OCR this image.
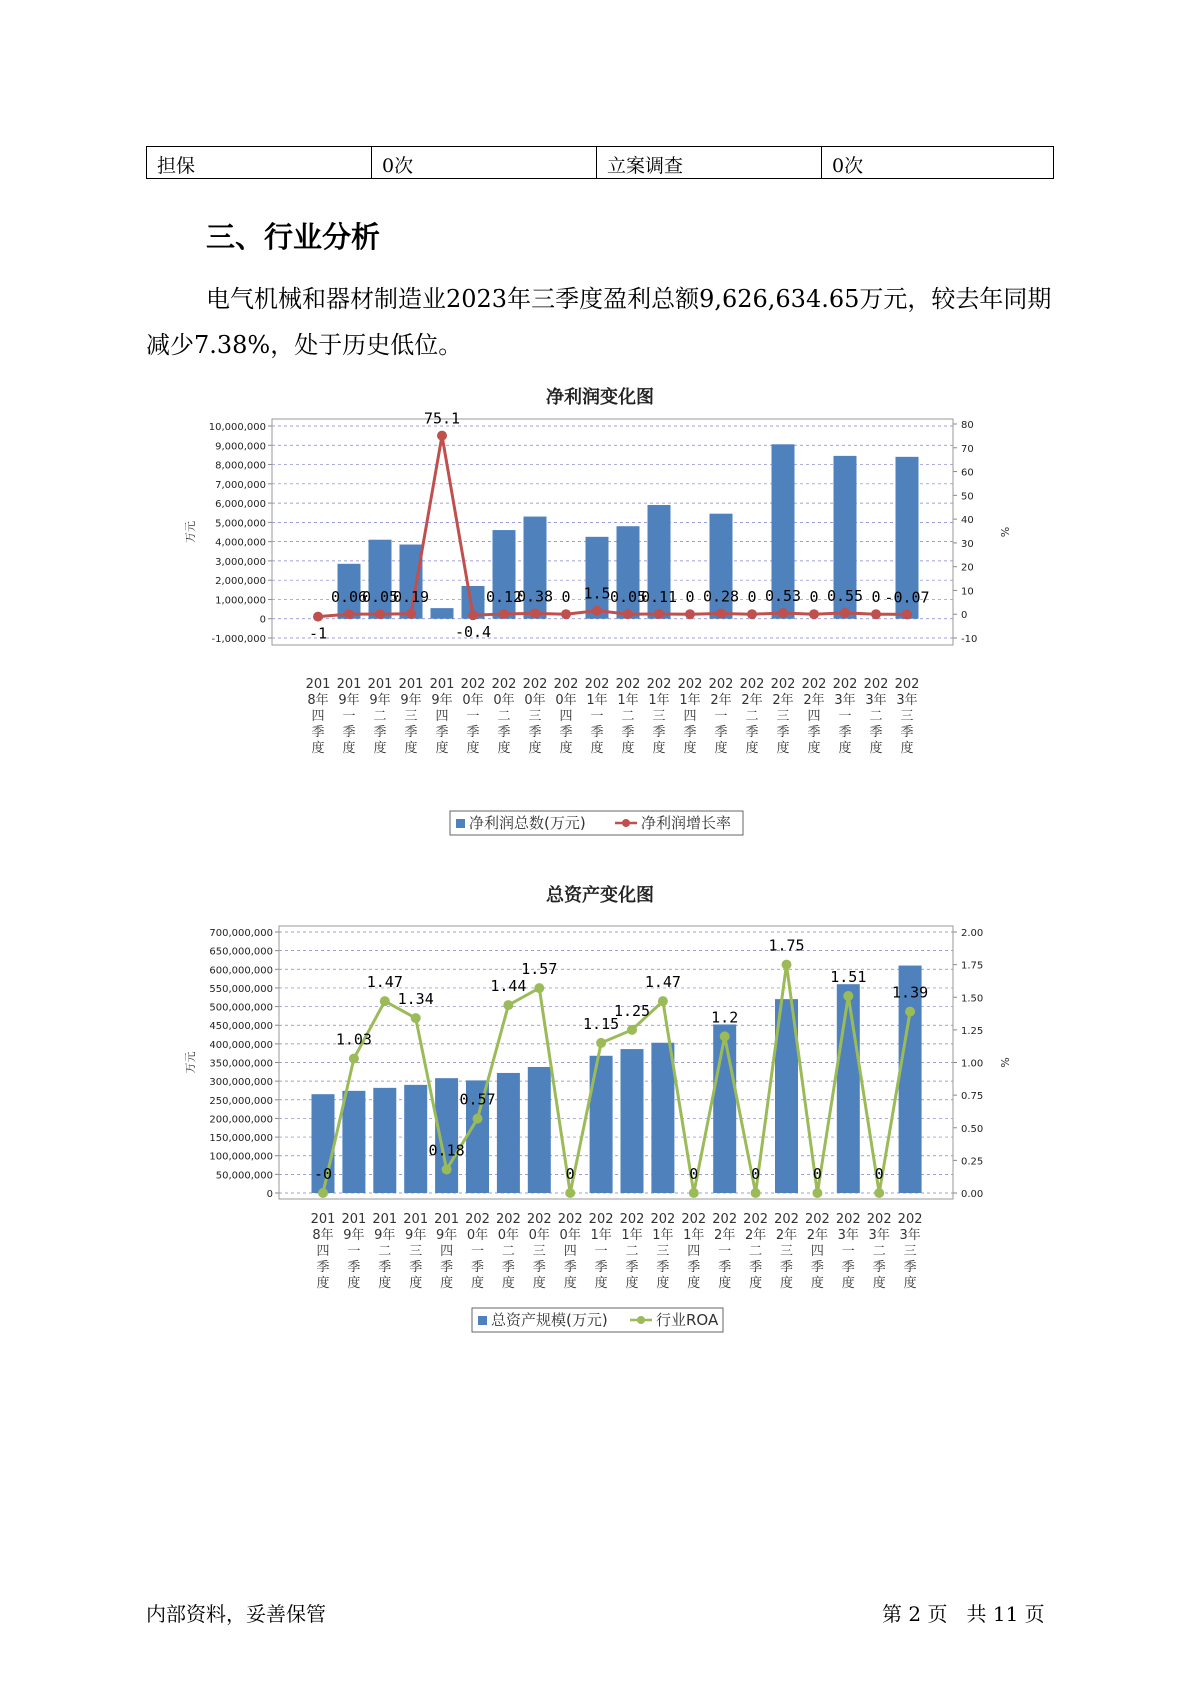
担保	0次	立案调查	0次
三、行业分析

电气机械和器材制造业2023年三季度盈利总额9,626,634.65万元，较去年同期减少7.38%，处于历史低位。

净利润变化图
10,000,000
9,000,000
8,000,000
7,000,000
6,000,000
5,000,000
4,000,000
3,000,000
2,000,000
1,000,000
0
-1,000,000
80
70
60
50
40
30
20
10
0
-10
万元	%
-1
0.06
0.05
0.19
75.1
-0.4
0.12
0.38 0 1.5 0.05
0.11 0 0.28 0 0.53 0 0.55 0 -0.07
201
8年
四
季
度
201
9年
一
季
度
201
9年
二
季
度
201
9年
三
季
度
201
9年
四
季
度
202
0年
一
季
度
202
0年
二
季
度
202
0年
三
季
度
202
0年
四
季
度
202
1年
一
季
度
202
1年
二
季
度
202
1年
三
季
度
202
1年
四
季
度
202
2年
一
季
度
202
2年
二
季
度
202
2年
三
季
度
202
2年
四
季
度
202
3年
一
季
度
202
3年
二
季
度
202
3年
三
季
度
净利润总数(万元)	净利润增长率
总资产变化图
700,000,000
650,000,000
600,000,000
550,000,000
500,000,000
450,000,000
400,000,000
350,000,000
300,000,000
250,000,000
200,000,000
150,000,000
100,000,000
50,000,000
0
2.00
1.75
1.50
1.25
1.00
0.75
0.50
0.25
0.00
万元	%
-0
1.03
1.47
1.34
0.18
0.57
1.44
1.57
0
1.15
1.25
1.47
0
1.2
0
1.75
0
1.51
0
1.39
201
8年
四
季
度
201
9年
一
季
度
201
9年
二
季
度
201
9年
三
季
度
201
9年
四
季
度
202
0年
一
季
度
202
0年
二
季
度
202
0年
三
季
度
202
0年
四
季
度
202
1年
一
季
度
202
1年
二
季
度
202
1年
三
季
度
202
1年
四
季
度
202
2年
一
季
度
202
2年
二
季
度
202
2年
三
季
度
202
2年
四
季
度
202
3年
一
季
度
202
3年
二
季
度
202
3年
三
季
度
总资产规模(万元)	行业ROA
内部资料，妥善保管	第 2 页   共 11 页
